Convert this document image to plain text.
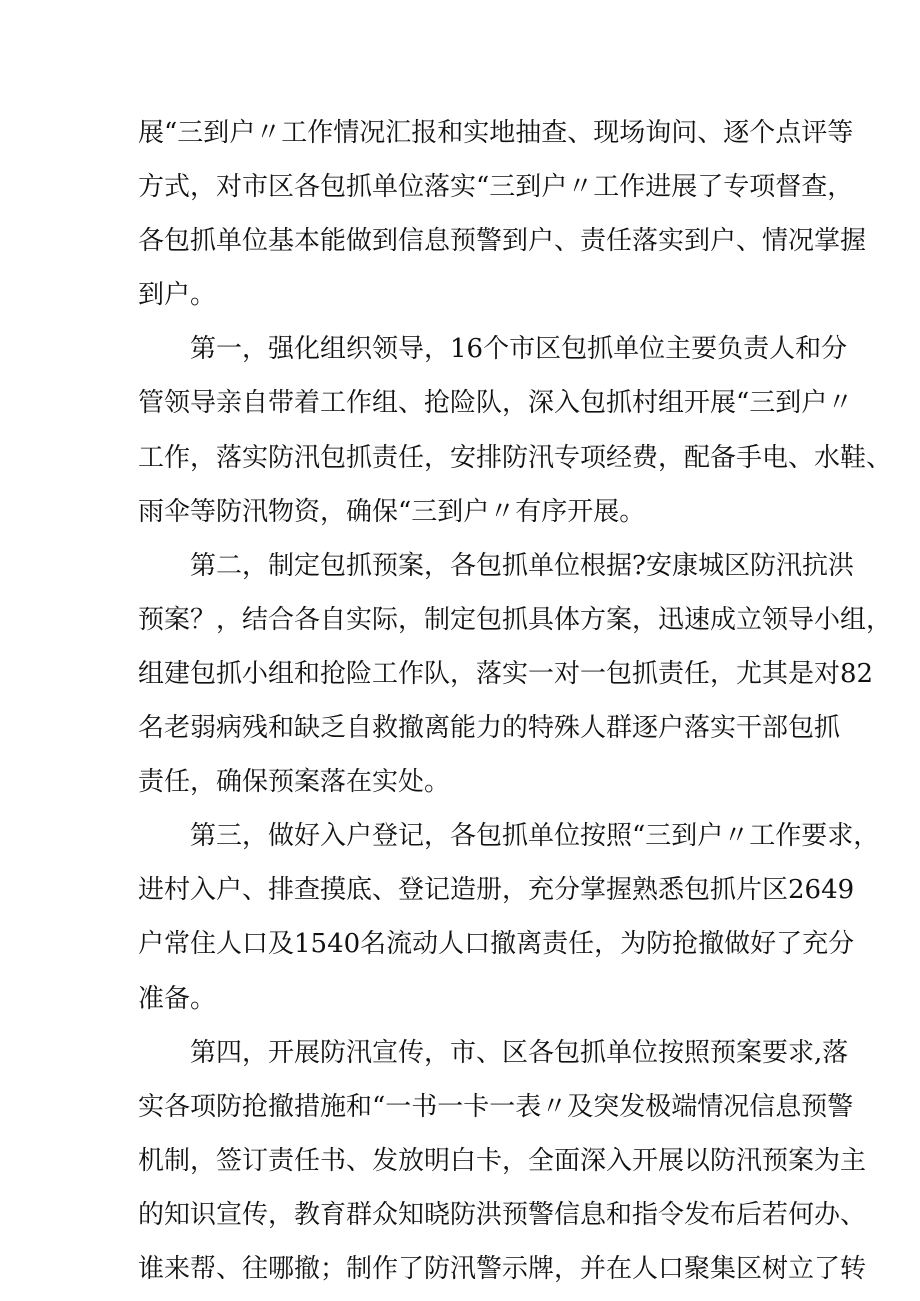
展“三到户〃工作情况汇报和实地抽查、现场询问、逐个点评等
方式，对市区各包抓单位落实“三到户〃工作进展了专项督查，
各包抓单位基本能做到信息预警到户、责任落实到户、情况掌握
到户。
第一，强化组织领导，16个市区包抓单位主要负责人和分
管领导亲自带着工作组、抢险队，深入包抓村组开展“三到户〃
工作，落实防汛包抓责任，安排防汛专项经费，配备手电、水鞋、
雨伞等防汛物资，确保“三到户〃有序开展。
第二，制定包抓预案，各包抓单位根据?安康城区防汛抗洪
预案？，结合各自实际，制定包抓具体方案，迅速成立领导小组，
组建包抓小组和抢险工作队，落实一对一包抓责任，尤其是对82
名老弱病残和缺乏自救撤离能力的特殊人群逐户落实干部包抓
责任，确保预案落在实处。
第三，做好入户登记，各包抓单位按照“三到户〃工作要求，
进村入户、排查摸底、登记造册，充分掌握熟悉包抓片区2649
户常住人口及1540名流动人口撤离责任，为防抢撤做好了充分
准备。
第四，开展防汛宣传，市、区各包抓单位按照预案要求,落
实各项防抢撤措施和“一书一卡一表〃及突发极端情况信息预警
机制，签订责任书、发放明白卡，全面深入开展以防汛预案为主
的知识宣传，教育群众知晓防洪预警信息和指令发布后若何办、
谁来帮、往哪撤；制作了防汛警示牌，并在人口聚集区树立了转
